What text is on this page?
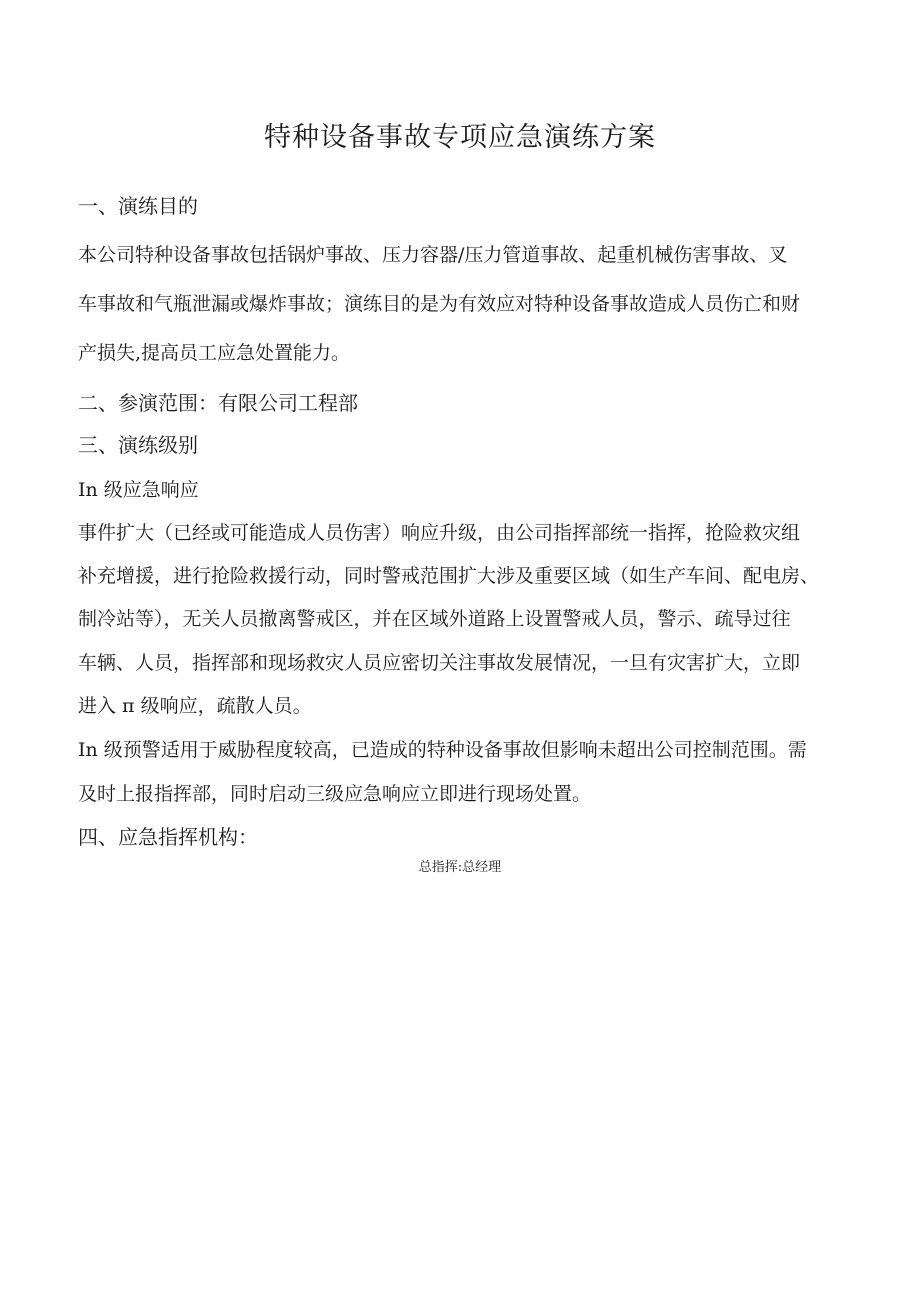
特种设备事故专项应急演练方案
一、演练目的
本公司特种设备事故包括锅炉事故、压力容器/压力管道事故、起重机械伤害事故、叉
车事故和气瓶泄漏或爆炸事故；演练目的是为有效应对特种设备事故造成人员伤亡和财
产损失,提高员工应急处置能力。
二、参演范围：有限公司工程部
三、演练级别
In 级应急响应
事件扩大（已经或可能造成人员伤害）响应升级，由公司指挥部统一指挥，抢险救灾组
补充增援，进行抢险救援行动，同时警戒范围扩大涉及重要区域（如生产车间、配电房、
制冷站等），无关人员撤离警戒区，并在区域外道路上设置警戒人员，警示、疏导过往
车辆、人员，指挥部和现场救灾人员应密切关注事故发展情况，一旦有灾害扩大，立即
进入 π 级响应，疏散人员。
In 级预警适用于威胁程度较高，已造成的特种设备事故但影响未超出公司控制范围。需
及时上报指挥部，同时启动三级应急响应立即进行现场处置。
四、应急指挥机构：
总指挥:总经理
